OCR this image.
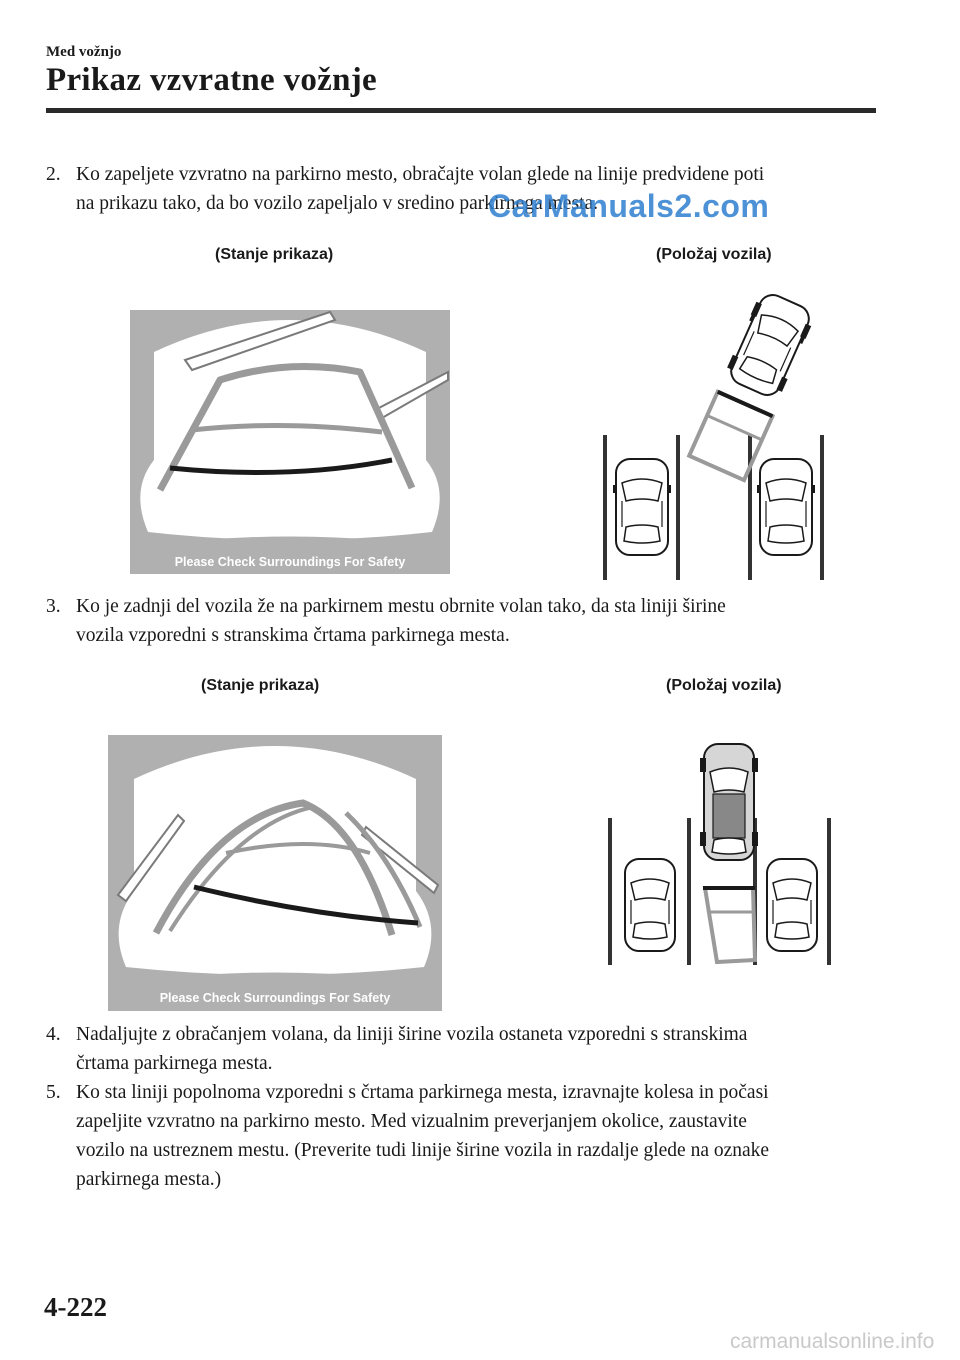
Med vožnjo
Prikaz vzvratne vožnje
2. Ko zapeljete vzvratno na parkirno mesto, obračajte volan glede na linije predvidene poti
na prikazu tako, da bo vozilo zapeljalo v sredino parkirnega mesta.
CarManuals2.com
(Stanje prikaza)	(Položaj vozila)
Please Check Surroundings For Safety
3. Ko je zadnji del vozila že na parkirnem mestu obrnite volan tako, da sta liniji širine
vozila vzporedni s stranskima črtama parkirnega mesta.
(Stanje prikaza)	(Položaj vozila)
Please Check Surroundings For Safety
4. Nadaljujte z obračanjem volana, da liniji širine vozila ostaneta vzporedni s stranskima
črtama parkirnega mesta.
5. Ko sta liniji popolnoma vzporedni s črtama parkirnega mesta, izravnajte kolesa in počasi
zapeljite vzvratno na parkirno mesto. Med vizualnim preverjanjem okolice, zaustavite
vozilo na ustreznem mestu. (Preverite tudi linije širine vozila in razdalje glede na oznake
parkirnega mesta.)
4-222
carmanualsonline.info
